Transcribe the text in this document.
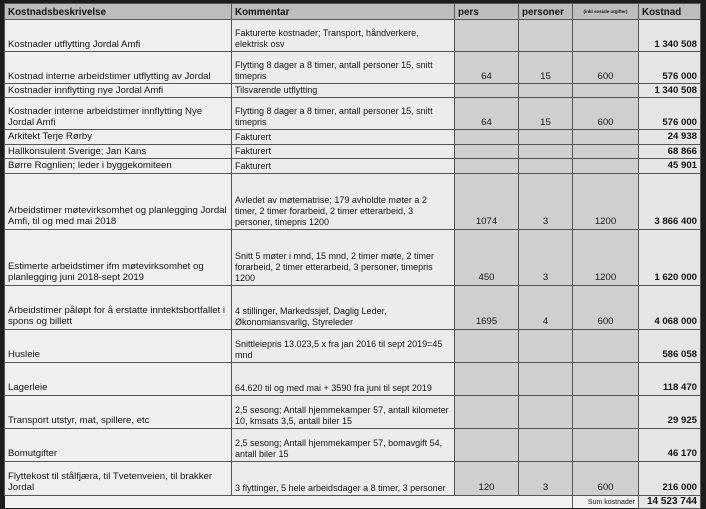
Kostnadsbeskrivelse	Kommentar	pers	personer	(inkl sosiale utgifter)	Kostnad
Kostnader utflytting Jordal Amfi	Fakturerte kostnader; Transport, håndverkere, elektrisk osv				1 340 508
Kostnad interne arbeidstimer utflytting av Jordal	Flytting 8 dager a 8 timer, antall personer 15, snitt timepris	64	15	600	576 000
Kostnader innflytting nye Jordal Amfi	Tilsvarende utflytting				1 340 508
Kostnader interne arbeidstimer innflytting Nye Jordal Amfi	Flytting 8 dager a 8 timer, antall personer 15, snitt timepris	64	15	600	576 000
Arkitekt Terje Rørby	Fakturert				24 938
Hallkonsulent Sverige; Jan Kans	Fakturert				68 866
Børre Rognlien; leder i byggekomiteen	Fakturert				45 901
Arbeidstimer møtevirksomhet og planlegging Jordal Amfi, til og med mai 2018	Avledet av møtematrise; 179 avholdte møter a 2 timer, 2 timer forarbeid, 2 timer etterarbeid, 3 personer, timepris 1200	1074	3	1200	3 866 400
Estimerte arbeidstimer ifm møtevirksomhet og planlegging juni 2018-sept 2019	Snitt 5 møter i mnd, 15 mnd, 2 timer møte, 2 timer forarbeid, 2 timer etterarbeid, 3 personer, timepris 1200	450	3	1200	1 620 000
Arbeidstimer påløpt for å erstatte inntektsbortfallet i spons og billett	4 stillinger, Markedssjef, Daglig Leder, Økonomiansvarlig, Styreleder	1695	4	600	4 068 000
Husleie	Snittleiepris 13.023,5 x fra jan 2016 til sept 2019=45 mnd				586 058
Lagerleie	64.620 til og med mai + 3590 fra juni til sept 2019				118 470
Transport utstyr, mat, spillere, etc	2,5 sesong; Antall hjemmekamper 57, antall kilometer 10, kmsats 3,5, antall biler 15				29 925
Bomutgifter	2,5 sesong; Antall hjemmekamper 57, bomavgift 54, antall biler 15				46 170
Flyttekost til stålfjæra, til Tvetenveien, til brakker Jordal	3 flyttinger, 5 hele arbeidsdager a 8 timer, 3 personer	120	3	600	216 000
				Sum kostnader	14 523 744
